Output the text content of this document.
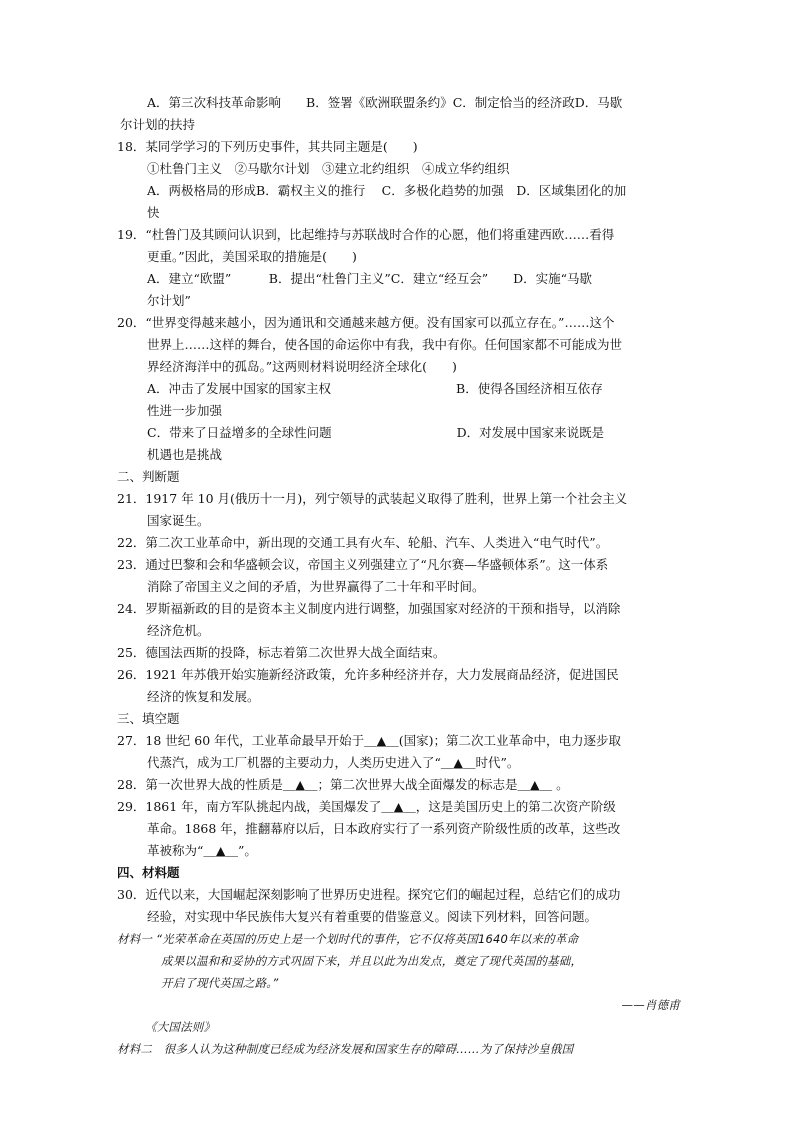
A．第三次科技革命影响　　B．签署《欧洲联盟条约》C．制定恰当的经济政D．马歇
尔计划的扶持
18．某同学学习的下列历史事件，其共同主题是(　　)
①杜鲁门主义　②马歇尔计划　③建立北约组织　④成立华约组织
A．两极格局的形成B．霸权主义的推行　 C．多极化趋势的加强　D．区域集团化的加
快
19．“杜鲁门及其顾问认识到，比起维持与苏联战时合作的心愿，他们将重建西欧……看得
更重。”因此，美国采取的措施是(　　)
A．建立“欧盟”　　　B．提出“杜鲁门主义”C．建立“经互会”　　D．实施“马歇
尔计划”
20．“世界变得越来越小，因为通讯和交通越来越方便。没有国家可以孤立存在。”……这个
世界上……这样的舞台，使各国的命运你中有我，我中有你。任何国家都不可能成为世
界经济海洋中的孤岛。”这两则材料说明经济全球化(　　)
A．冲击了发展中国家的国家主权　　　　　　　　　　B．使得各国经济相互依存
性进一步加强
C．带来了日益增多的全球性问题　　　　　　　　　　D．对发展中国家来说既是
机遇也是挑战
二、判断题
21．1917 年 10 月(俄历十一月)，列宁领导的武装起义取得了胜利，世界上第一个社会主义
国家诞生。
22．第二次工业革命中，新出现的交通工具有火车、轮船、汽车、人类进入“电气时代”。
23．通过巴黎和会和华盛顿会议，帝国主义列强建立了“凡尔赛—华盛顿体系”。这一体系
消除了帝国主义之间的矛盾，为世界赢得了二十年和平时间。
24．罗斯福新政的目的是资本主义制度内进行调整，加强国家对经济的干预和指导，以消除
经济危机。
25．德国法西斯的投降，标志着第二次世界大战全面结束。
26．1921 年苏俄开始实施新经济政策，允许多种经济并存，大力发展商品经济，促进国民
经济的恢复和发展。
三、填空题
27．18 世纪 60 年代，工业革命最早开始于＿▲＿(国家)；第二次工业革命中，电力逐步取
代蒸汽，成为工厂机器的主要动力，人类历史进入了“＿▲＿时代”。
28．第一次世界大战的性质是＿▲＿；第二次世界大战全面爆发的标志是＿▲＿ 。
29．1861 年，南方军队挑起内战，美国爆发了＿▲＿，这是美国历史上的第二次资产阶级
革命。1868 年，推翻幕府以后，日本政府实行了一系列资产阶级性质的改革，这些改
革被称为“＿▲＿”。
四、材料题
30．近代以来，大国崛起深刻影响了世界历史进程。探究它们的崛起过程，总结它们的成功
经验，对实现中华民族伟大复兴有着重要的借鉴意义。阅读下列材料，回答问题。
材料一 “光荣革命在英国的历史上是一个划时代的事件，它不仅将英国1640年以来的革命
成果以温和和妥协的方式巩固下来，并且以此为出发点，奠定了现代英国的基础，
开启了现代英国之路。”
——肖德甫
《大国法则》
材料二　很多人认为这种制度已经成为经济发展和国家生存的障碍……为了保持沙皇俄国
